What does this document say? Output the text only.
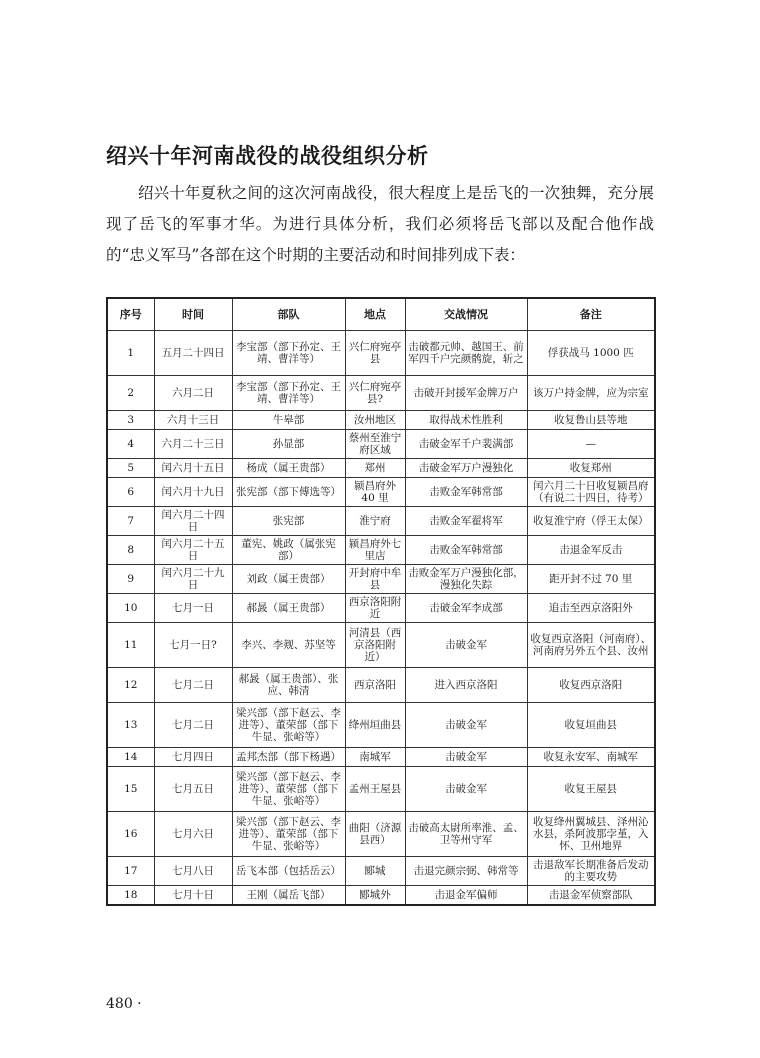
绍兴十年河南战役的战役组织分析

绍兴十年夏秋之间的这次河南战役，很大程度上是岳飞的一次独舞，充分展现了岳飞的军事才华。为进行具体分析，我们必须将岳飞部以及配合他作战的“忠义军马”各部在这个时期的主要活动和时间排列成下表：

序号	时间	部队	地点	交战情况	备注
1	五月二十四日	李宝部（部下孙定、王靖、曹洋等）	兴仁府宛亭县	击破都元帅、越国王、前军四千户完颜鹘旋，斩之	俘获战马 1000 匹
2	六月二日	李宝部（部下孙定、王靖、曹洋等）	兴仁府宛亭县?	击破开封援军金牌万户	该万户持金牌，应为宗室
3	六月十三日	牛皋部	汝州地区	取得战术性胜利	收复鲁山县等地
4	六月二十三日	孙显部	蔡州至淮宁府区域	击破金军千户裴满部	—
5	闰六月十五日	杨成（属王贵部）	郑州	击破金军万户漫独化	收复郑州
6	闰六月十九日	张宪部（部下傅选等）	颍昌府外 40 里	击败金军韩常部	闰六月二十日收复颍昌府（有说二十四日，待考）
7	闰六月二十四日	张宪部	淮宁府	击败金军翟将军	收复淮宁府（俘王太保）
8	闰六月二十五日	董宪、姚政（属张宪部）	颍昌府外七里店	击败金军韩常部	击退金军反击
9	闰六月二十九日	刘政（属王贵部）	开封府中牟县	击败金军万户漫独化部，漫独化失踪	距开封不过 70 里
10	七月一日	郝晸（属王贵部）	西京洛阳附近	击破金军李成部	追击至西京洛阳外
11	七月一日?	李兴、李觌、苏坚等	河清县（西京洛阳附近）	击破金军	收复西京洛阳（河南府）、河南府另外五个县、汝州
12	七月二日	郝晸（属王贵部）、张应、韩清	西京洛阳	进入西京洛阳	收复西京洛阳
13	七月二日	梁兴部（部下赵云、李进等）、董荣部（部下牛显、张峪等）	绛州垣曲县	击破金军	收复垣曲县
14	七月四日	孟邦杰部（部下杨遇）	南城军	击破金军	收复永安军、南城军
15	七月五日	梁兴部（部下赵云、李进等）、董荣部（部下牛显、张峪等）	孟州王屋县	击破金军	收复王屋县
16	七月六日	梁兴部（部下赵云、李进等）、董荣部（部下牛显、张峪等）	曲阳（济源县西）	击破高太尉所率淮、孟、卫等州守军	收复绛州翼城县、泽州沁水县，杀阿波那孛堇，入怀、卫州地界
17	七月八日	岳飞本部（包括岳云）	郾城	击退完颜宗弼、韩常等	击退敌军长期准备后发动的主要攻势
18	七月十日	王刚（属岳飞部）	郾城外	击退金军偏师	击退金军侦察部队
480 ·
